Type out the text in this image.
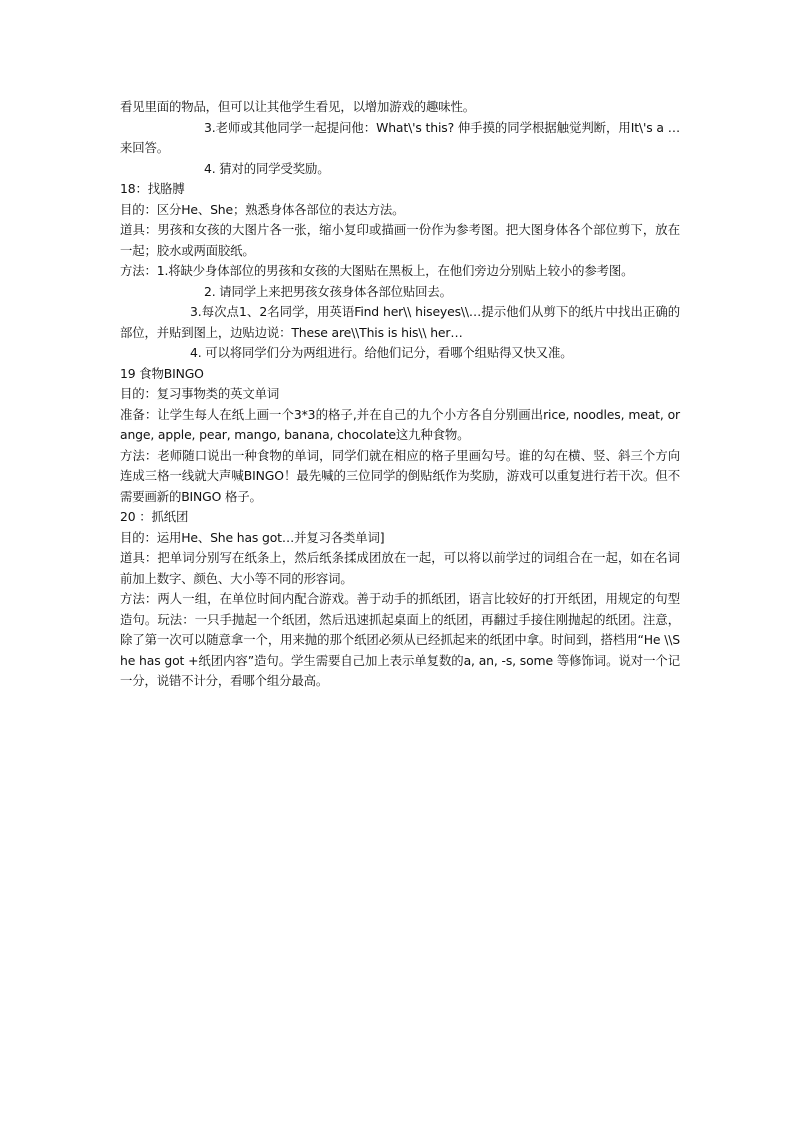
看见里面的物品，但可以让其他学生看见，以增加游戏的趣味性。

3.老师或其他同学一起提问他：What\'s this? 伸手摸的同学根据触觉判断，用It\'s a … 来回答。

4. 猜对的同学受奖励。

18：找胳膊

目的：区分He、She；熟悉身体各部位的表达方法。

道具：男孩和女孩的大图片各一张，缩小复印或描画一份作为参考图。把大图身体各个部位剪下，放在一起；胶水或两面胶纸。

方法：1.将缺少身体部位的男孩和女孩的大图贴在黑板上，在他们旁边分别贴上较小的参考图。

2. 请同学上来把男孩女孩身体各部位贴回去。

3.每次点1、2名同学，用英语Find her\\ hiseyes\\…提示他们从剪下的纸片中找出正确的部位，并贴到图上，边贴边说：These are\\This is his\\ her…

4. 可以将同学们分为两组进行。给他们记分，看哪个组贴得又快又准。

19 食物BINGO

目的：复习事物类的英文单词

准备：让学生每人在纸上画一个3*3的格子,并在自己的九个小方各自分别画出rice, noodles, meat, orange, apple, pear, mango, banana, chocolate这九种食物。

方法：老师随口说出一种食物的单词，同学们就在相应的格子里画勾号。谁的勾在横、竖、斜三个方向连成三格一线就大声喊BINGO！最先喊的三位同学的倒贴纸作为奖励，游戏可以重复进行若干次。但不需要画新的BINGO 格子。

20 ：抓纸团

目的：运用He、She has got…并复习各类单词]

道具：把单词分别写在纸条上，然后纸条揉成团放在一起，可以将以前学过的词组合在一起，如在名词前加上数字、颜色、大小等不同的形容词。

方法：两人一组，在单位时间内配合游戏。善于动手的抓纸团，语言比较好的打开纸团，用规定的句型造句。玩法：一只手抛起一个纸团，然后迅速抓起桌面上的纸团，再翻过手接住刚抛起的纸团。注意，除了第一次可以随意拿一个，用来抛的那个纸团必须从已经抓起来的纸团中拿。时间到，搭档用“He \\She has got +纸团内容”造句。学生需要自己加上表示单复数的a, an, -s, some 等修饰词。说对一个记一分，说错不计分，看哪个组分最高。
